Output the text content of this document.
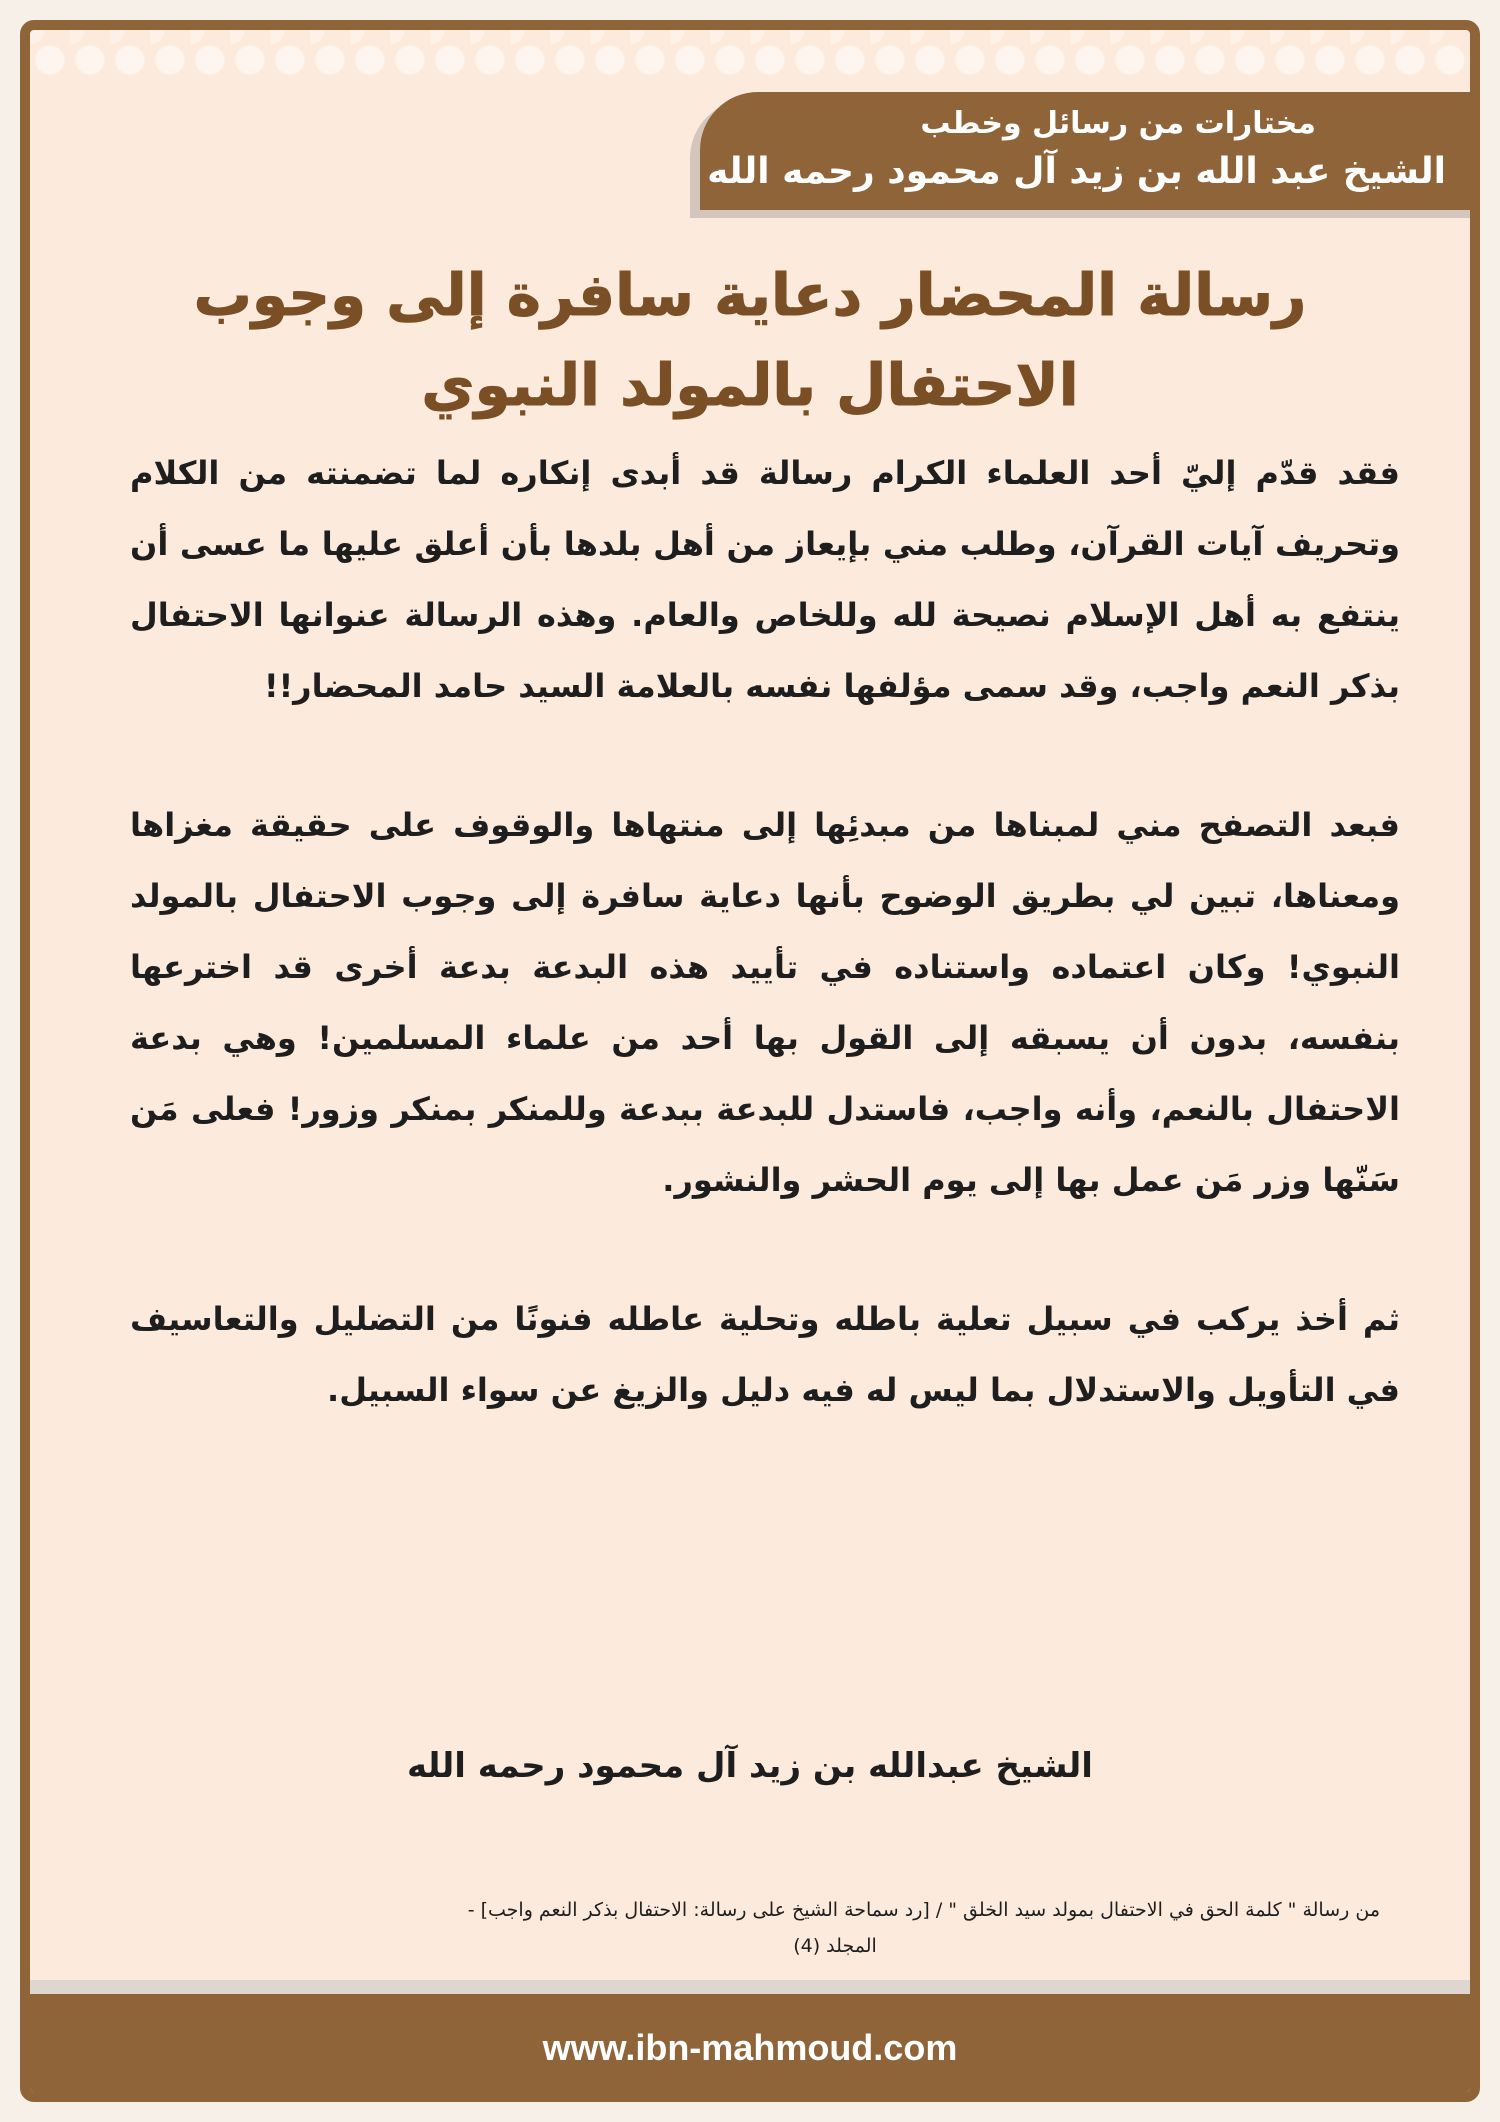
مختارات من رسائل وخطب
الشيخ عبد الله بن زيد آل محمود رحمه الله
رسالة المحضار دعاية سافرة إلى وجوب
الاحتفال بالمولد النبوي

فقد قدّم إليّ أحد العلماء الكرام رسالة قد أبدى إنكاره لما تضمنته من الكلام وتحريف آيات القرآن، وطلب مني بإيعاز من أهل بلدها بأن أعلق عليها ما عسى أن ينتفع به أهل الإسلام نصيحة لله وللخاص والعام. وهذه الرسالة عنوانها الاحتفال بذكر النعم واجب، وقد سمى مؤلفها نفسه بالعلامة السيد حامد المحضار!!

فبعد التصفح مني لمبناها من مبدئِها إلى منتهاها والوقوف على حقيقة مغزاها ومعناها، تبين لي بطريق الوضوح بأنها دعاية سافرة إلى وجوب الاحتفال بالمولد النبوي! وكان اعتماده واستناده في تأييد هذه البدعة بدعة أخرى قد اخترعها بنفسه، بدون أن يسبقه إلى القول بها أحد من علماء المسلمين! وهي بدعة الاحتفال بالنعم، وأنه واجب، فاستدل للبدعة ببدعة وللمنكر بمنكر وزور! فعلى مَن سَنّها وزر مَن عمل بها إلى يوم الحشر والنشور.

ثم أخذ يركب في سبيل تعلية باطله وتحلية عاطله فنونًا من التضليل والتعاسيف في التأويل والاستدلال بما ليس له فيه دليل والزيغ عن سواء السبيل.

الشيخ عبدالله بن زيد آل محمود رحمه الله
من رسالة " كلمة الحق في الاحتفال بمولد سيد الخلق " / [رد سماحة الشيخ على رسالة: الاحتفال بذكر النعم واجب] -
المجلد (4)
www.ibn-mahmoud.com
